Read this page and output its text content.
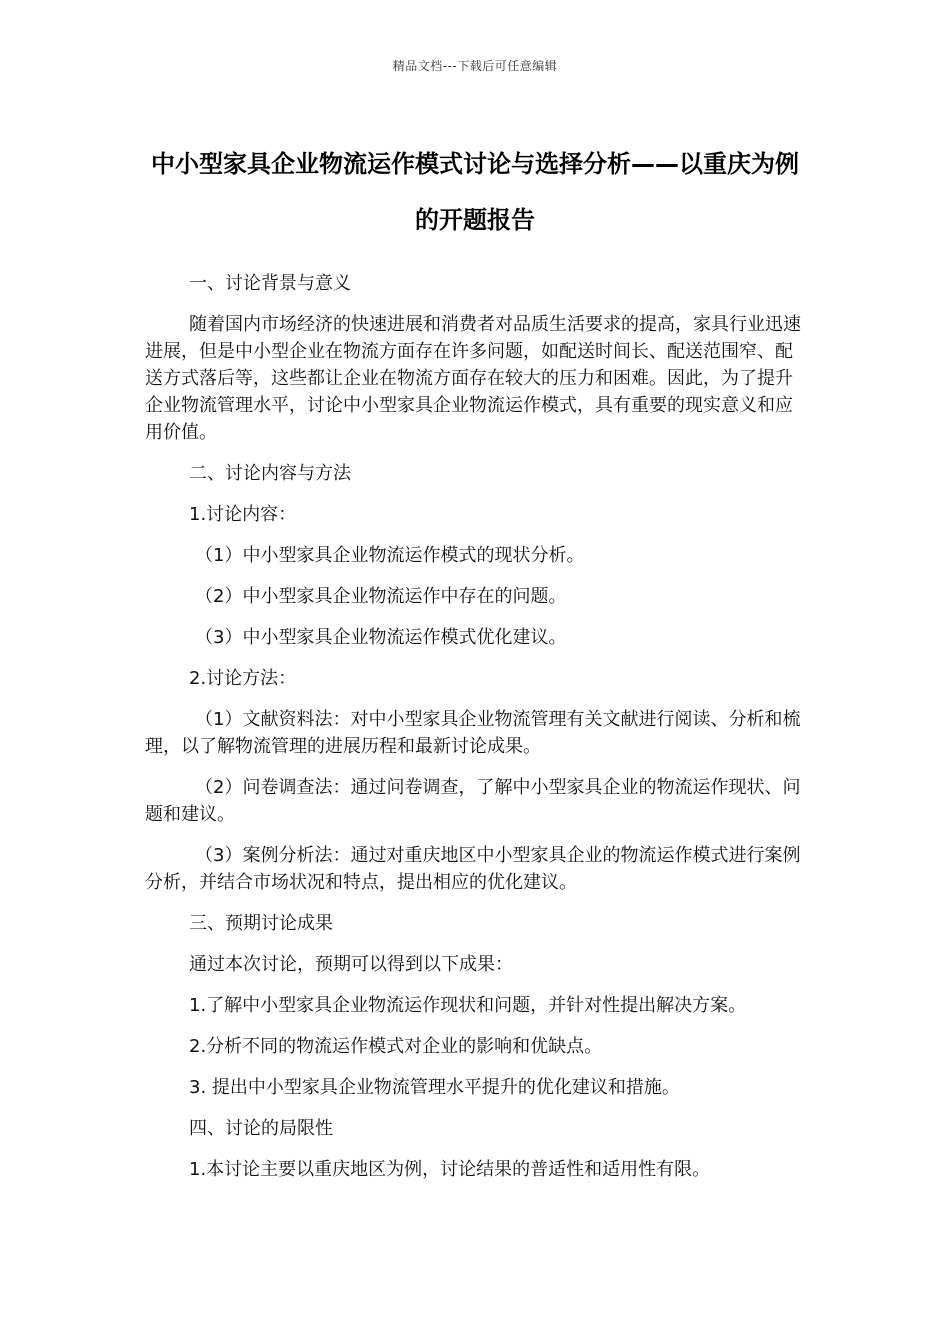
精品文档---下载后可任意编辑
中小型家具企业物流运作模式讨论与选择分析——以重庆为例的开题报告

一、讨论背景与意义

随着国内市场经济的快速进展和消费者对品质生活要求的提高，家具行业迅速进展，但是中小型企业在物流方面存在许多问题，如配送时间长、配送范围窄、配送方式落后等，这些都让企业在物流方面存在较大的压力和困难。因此，为了提升企业物流管理水平，讨论中小型家具企业物流运作模式，具有重要的现实意义和应用价值。

二、讨论内容与方法

1.讨论内容：

（1）中小型家具企业物流运作模式的现状分析。

（2）中小型家具企业物流运作中存在的问题。

（3）中小型家具企业物流运作模式优化建议。

2.讨论方法：

（1）文献资料法：对中小型家具企业物流管理有关文献进行阅读、分析和梳理，以了解物流管理的进展历程和最新讨论成果。

（2）问卷调查法：通过问卷调查，了解中小型家具企业的物流运作现状、问题和建议。

（3）案例分析法：通过对重庆地区中小型家具企业的物流运作模式进行案例分析，并结合市场状况和特点，提出相应的优化建议。

三、预期讨论成果

通过本次讨论，预期可以得到以下成果：

1.了解中小型家具企业物流运作现状和问题，并针对性提出解决方案。

2.分析不同的物流运作模式对企业的影响和优缺点。

3. 提出中小型家具企业物流管理水平提升的优化建议和措施。

四、讨论的局限性

1.本讨论主要以重庆地区为例，讨论结果的普适性和适用性有限。
